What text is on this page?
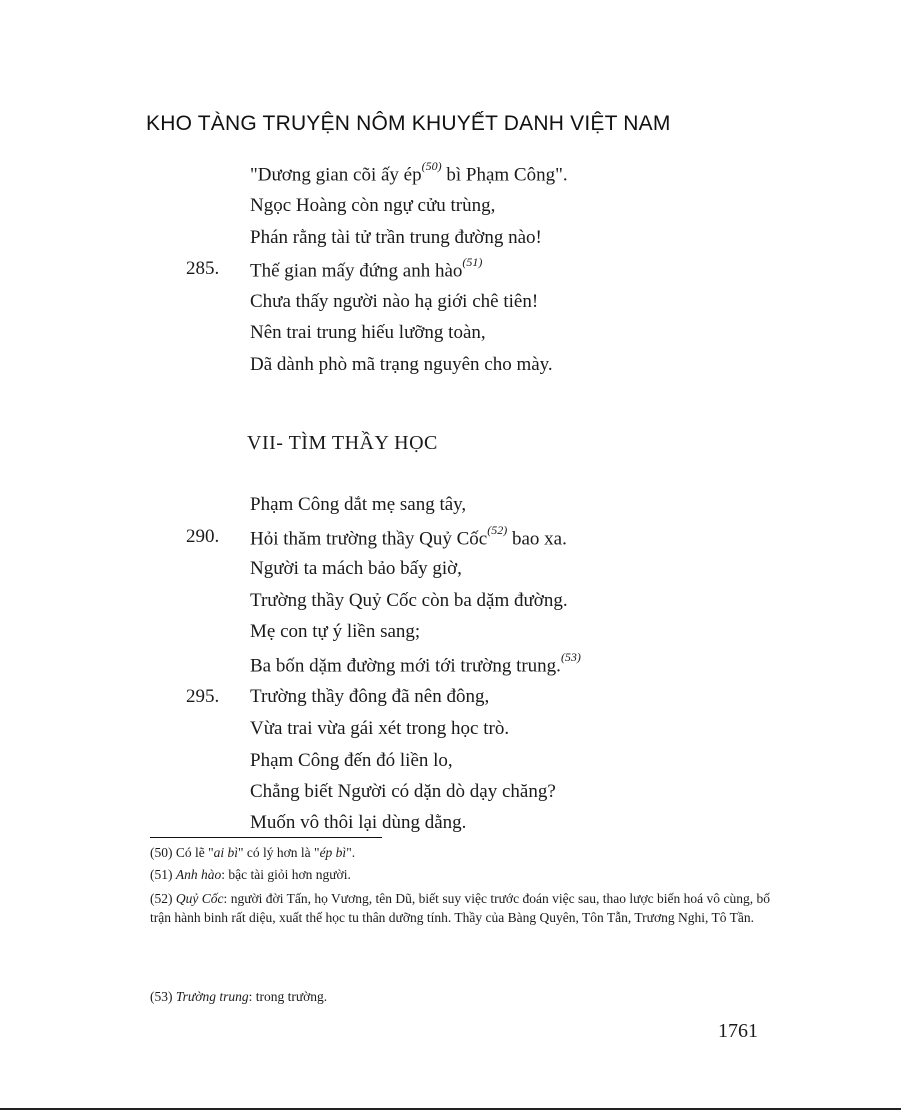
KHO TÀNG TRUYỆN NÔM KHUYẾT DANH VIỆT NAM
285.
"Dương gian cõi ấy $ép^{(50)}$ bì Phạm Công".
Ngọc Hoàng còn ngự cửu trùng,
Phán rằng tài tử trần trung đường nào!
Thế gian mấy đứng anh hào$^{(51)}$
Chưa thấy người nào hạ giới chê tiên!
Nên trai trung hiếu lưỡng toàn,
Dã dành phò mã trạng nguyên cho mày.
VII- TÌM THẦY HỌC
290.
295.
Phạm Công dắt mẹ sang tây,
Hỏi thăm trường thầy Quỷ Cốc$^{(52)}$ bao xa.
Người ta mách bảo bấy giờ,
Trường thầy Quỷ Cốc còn ba dặm đường.
Mẹ con tự ý liền sang;
Ba bốn dặm đường mới tới trường trung.$^{(53)}$
Trường thầy đông đã nên đông,
Vừa trai vừa gái xét trong học trò.
Phạm Công đến đó liền lo,
Chẳng biết Người có dặn dò dạy chăng?
Muốn vô thôi lại dùng dằng.
(50) Có lẽ "ai bì" có lý hơn là "ép bì".
(51) Anh hào: bậc tài giỏi hơn người.
(52) Quỷ Cốc: người đời Tấn, họ Vương, tên Dũ, biết suy việc trước đoán việc sau, thao lược biến hoá vô cùng, bố trận hành binh rất diệu, xuất thế học tu thân dưỡng tính. Thầy của Bàng Quyên, Tôn Tẫn, Trương Nghi, Tô Tần.
(53) Trường trung: trong trường.
1761
